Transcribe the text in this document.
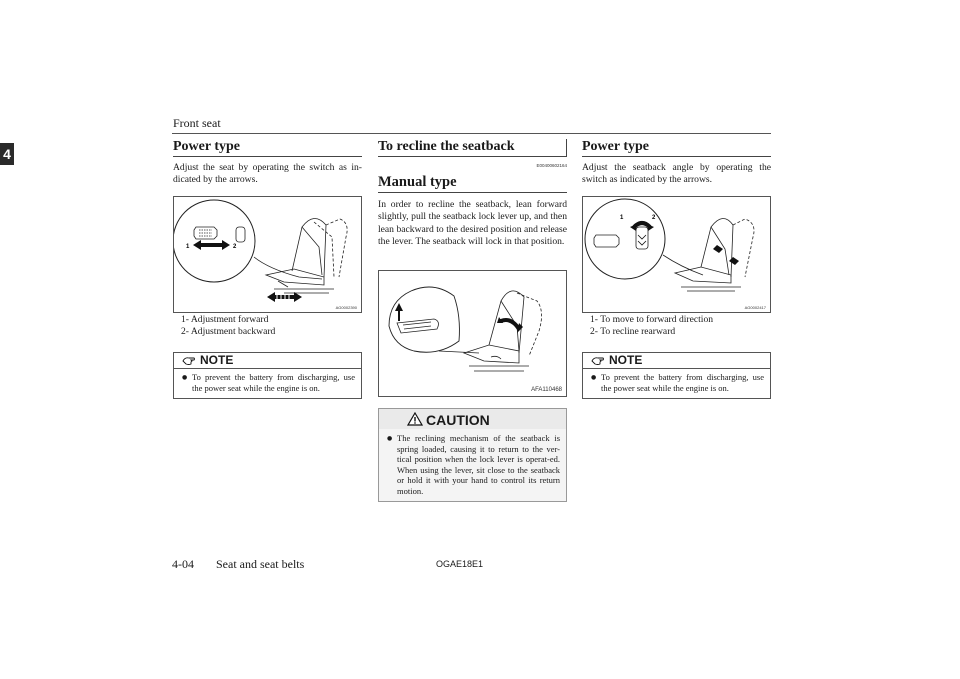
Front seat
4	Power type

Adjust the seat by operating the switch as in-dicated by the arrows.

1	2
AG0002390
1- Adjustment forward
2- Adjustment backward
NOTE
● To prevent the battery from discharging, use the power seat while the engine is on.
To recline the seatback
E00400602164
Manual type

In order to recline the seatback, lean forward slightly, pull the seatback lock lever up, and then lean backward to the desired position and release the lever. The seatback will lock in that position.

AFA110468
CAUTION
● The reclining mechanism of the seatback is spring loaded, causing it to return to the ver-tical position when the lock lever is operat-ed. When using the lever, sit close to the seatback or hold it with your hand to control its return motion.
Power type

Adjust the seatback angle by operating the switch as indicated by the arrows.

1	2
AG0002417
1- To move to forward direction
2- To recline rearward
NOTE
● To prevent the battery from discharging, use the power seat while the engine is on.
4-04 Seat and seat belts	OGAE18E1
